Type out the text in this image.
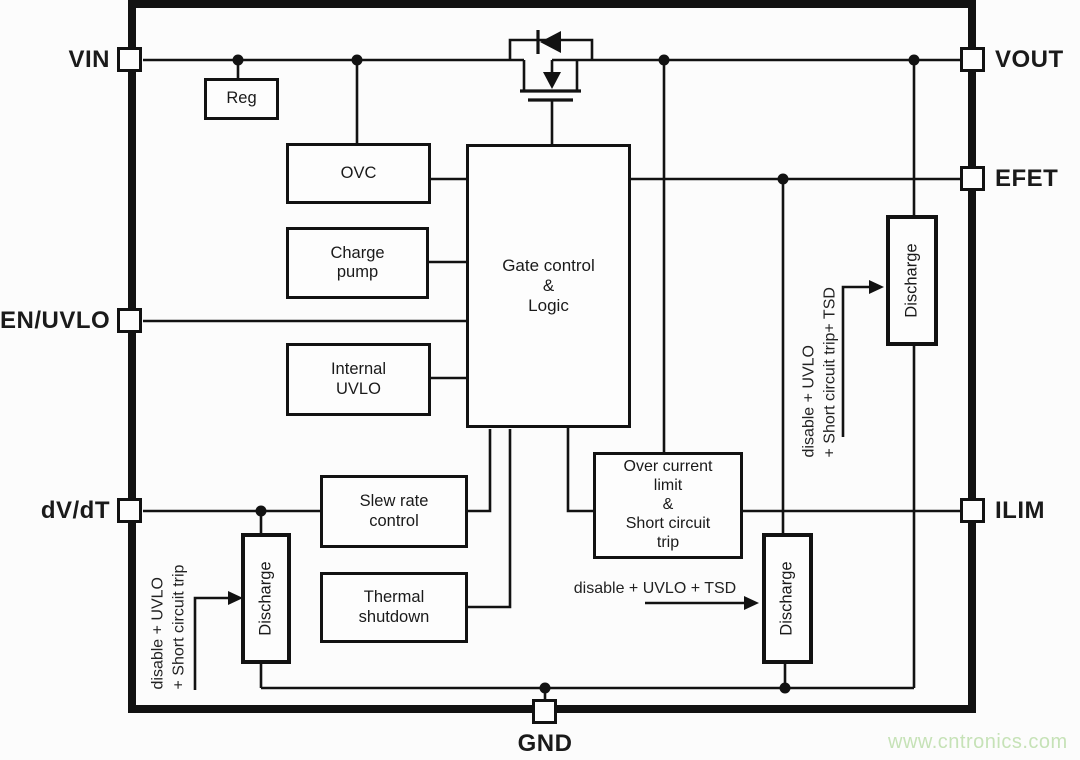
VIN	VOUT
EFET
ILIM
EN/UVLO
dV/dT
GND
Reg
OVC
Charge
pump
Internal
UVLO
Gate control
&
Logic
Slew rate
control
Thermal
shutdown
Over current
limit
&
Short circuit
trip
Discharge
Discharge
Discharge
disable + UVLO + Short circuit trip
disable + UVLO + Short circuit trip+ TSD
disable + UVLO + TSD
www.cntronics.com
